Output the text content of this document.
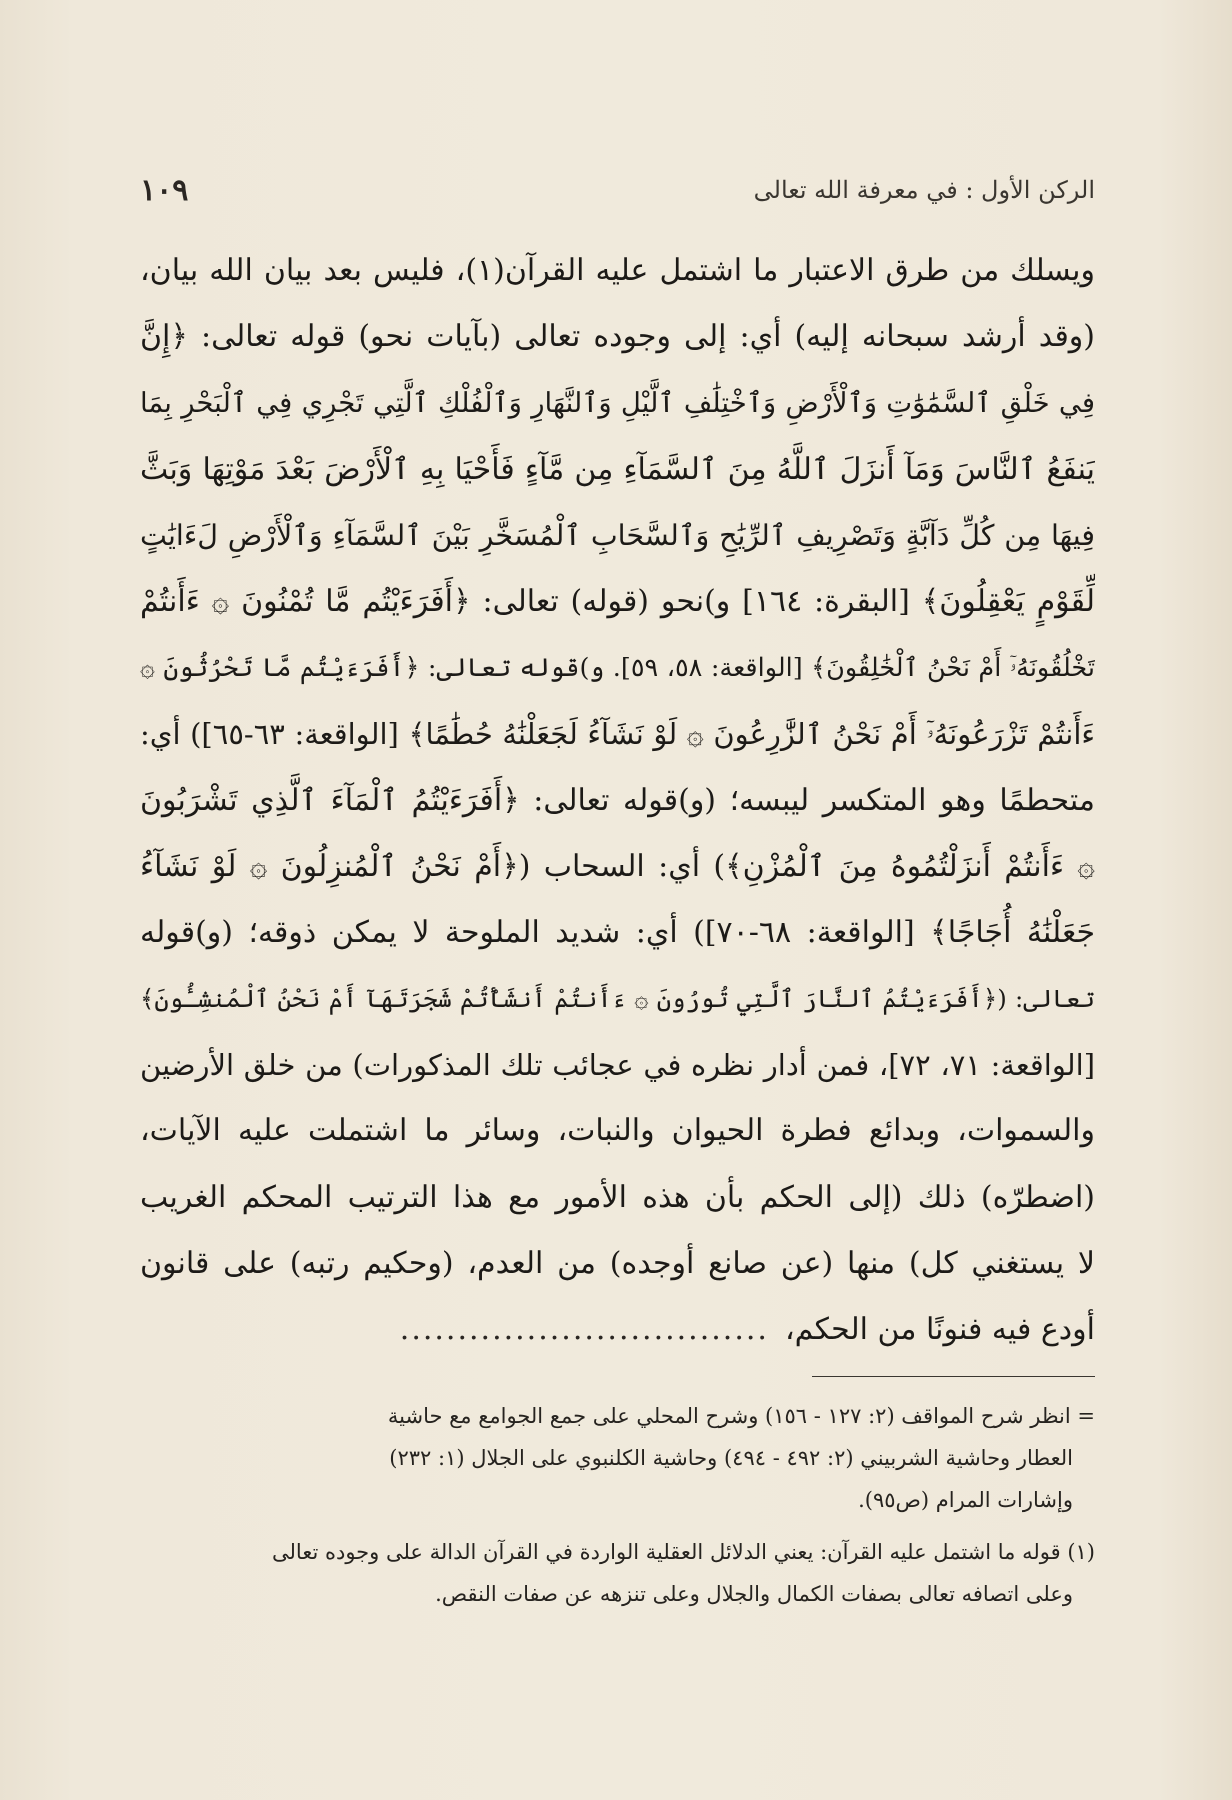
الركن الأول : في معرفة الله تعالى
١٠٩
ويسلك من طرق الاعتبار ما اشتمل عليه القرآن(١)، فليس بعد بيان الله بيان،
(وقد أرشد سبحانه إليه) أي: إلى وجوده تعالى (بآيات نحو) قوله تعالى: ﴿إِنَّ
فِي خَلْقِ ٱلسَّمَٰوَٰتِ وَٱلْأَرْضِ وَٱخْتِلَٰفِ ٱلَّيْلِ وَٱلنَّهَارِ وَٱلْفُلْكِ ٱلَّتِي تَجْرِي فِي ٱلْبَحْرِ بِمَا
يَنفَعُ ٱلنَّاسَ وَمَآ أَنزَلَ ٱللَّهُ مِنَ ٱلسَّمَآءِ مِن مَّآءٍ فَأَحْيَا بِهِ ٱلْأَرْضَ بَعْدَ مَوْتِهَا وَبَثَّ
فِيهَا مِن كُلِّ دَآبَّةٍ وَتَصْرِيفِ ٱلرِّيَٰحِ وَٱلسَّحَابِ ٱلْمُسَخَّرِ بَيْنَ ٱلسَّمَآءِ وَٱلْأَرْضِ لَءَايَٰتٍ
لِّقَوْمٍ يَعْقِلُونَ﴾ [البقرة: ١٦٤] و)نحو (قوله) تعالى: ﴿أَفَرَءَيْتُم مَّا تُمْنُونَ ۞ ءَأَنتُمْ
تَخْلُقُونَهُۥٓ أَمْ نَحْنُ ٱلْخَٰلِقُونَ﴾ [الواقعة: ٥٨، ٥٩]. و)قوله تعالى: ﴿أَفَرَءَيْتُم مَّا تَحْرُثُونَ ۞
ءَأَنتُمْ تَزْرَعُونَهُۥٓ أَمْ نَحْنُ ٱلزَّٰرِعُونَ ۞ لَوْ نَشَآءُ لَجَعَلْنَٰهُ حُطَٰمًا﴾ [الواقعة: ٦٣-٦٥]) أي:
متحطمًا وهو المتكسر ليبسه؛ (و)قوله تعالى: ﴿أَفَرَءَيْتُمُ ٱلْمَآءَ ٱلَّذِي تَشْرَبُونَ
۞ ءَأَنتُمْ أَنزَلْتُمُوهُ مِنَ ٱلْمُزْنِ﴾) أي: السحاب (﴿أَمْ نَحْنُ ٱلْمُنزِلُونَ ۞ لَوْ نَشَآءُ
جَعَلْنَٰهُ أُجَاجًا﴾ [الواقعة: ٦٨-٧٠]) أي: شديد الملوحة لا يمكن ذوقه؛ (و)قوله
تعالى: (﴿أَفَرَءَيْتُمُ ٱلنَّارَ ٱلَّتِي تُورُونَ ۞ ءَأَنتُمْ أَنشَأْتُمْ شَجَرَتَهَآ أَمْ نَحْنُ ٱلْمُنشِـُٔونَ﴾
[الواقعة: ٧١، ٧٢]، فمن أدار نظره في عجائب تلك المذكورات) من خلق الأرضين
والسموات، وبدائع فطرة الحيوان والنبات، وسائر ما اشتملت عليه الآيات،
(اضطرّه) ذلك (إلى الحكم بأن هذه الأمور مع هذا الترتيب المحكم الغريب
لا يستغني كل) منها (عن صانع أوجده) من العدم، (وحكيم رتبه) على قانون
أودع فيه فنونًا من الحكم،................................
= انظر شرح المواقف (٢: ١٢٧ - ١٥٦) وشرح المحلي على جمع الجوامع مع حاشية
العطار وحاشية الشربيني (٢: ٤٩٢ - ٤٩٤) وحاشية الكلنبوي على الجلال (١: ٢٣٢)
وإشارات المرام (ص٩٥).
(١) قوله ما اشتمل عليه القرآن: يعني الدلائل العقلية الواردة في القرآن الدالة على وجوده تعالى
وعلى اتصافه تعالى بصفات الكمال والجلال وعلى تنزهه عن صفات النقص.
